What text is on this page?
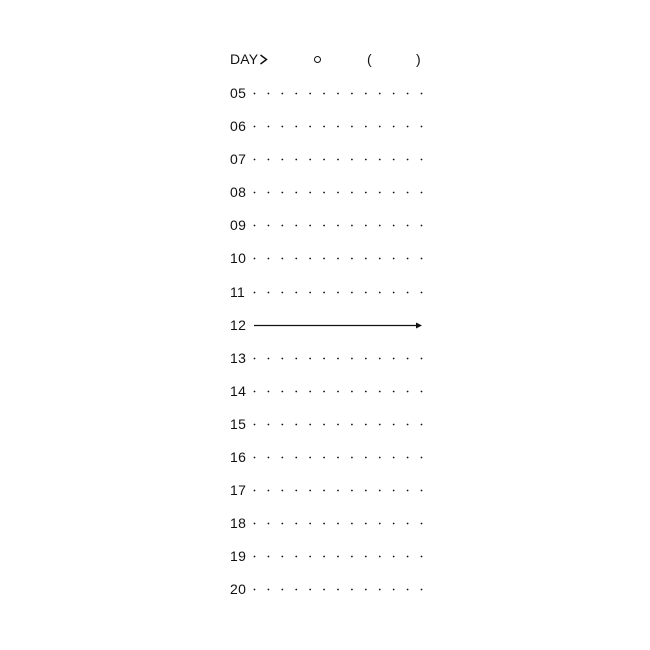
DAY	(	)
05
06
07
08
09
10
11
12
13
14
15
16
17
18
19
20
